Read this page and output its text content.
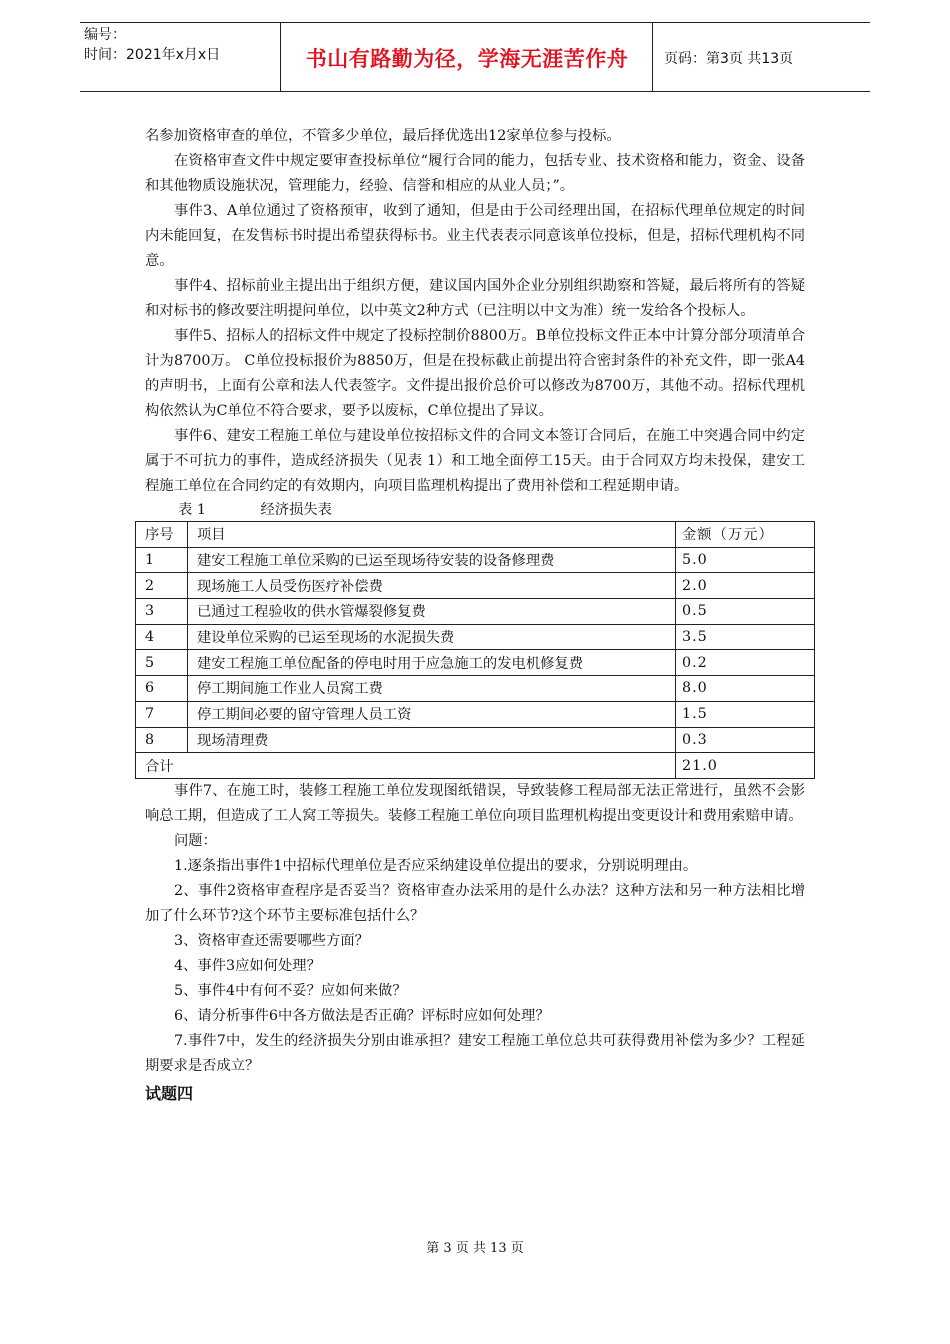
编号：
时间：2021年x月x日	书山有路勤为径，学海无涯苦作舟	页码：第3页 共13页

名参加资格审查的单位，不管多少单位，最后择优选出12家单位参与投标。

在资格审查文件中规定要审查投标单位“履行合同的能力，包括专业、技术资格和能力，资金、设备和其他物质设施状况，管理能力，经验、信誉和相应的从业人员；”。

事件3、A单位通过了资格预审，收到了通知，但是由于公司经理出国，在招标代理单位规定的时间内未能回复，在发售标书时提出希望获得标书。业主代表表示同意该单位投标，但是，招标代理机构不同意。

事件4、招标前业主提出出于组织方便，建议国内国外企业分别组织勘察和答疑，最后将所有的答疑和对标书的修改要注明提问单位，以中英文2种方式（已注明以中文为准）统一发给各个投标人。

事件5、招标人的招标文件中规定了投标控制价8800万。B单位投标文件正本中计算分部分项清单合计为8700万。 C单位投标报价为8850万，但是在投标截止前提出符合密封条件的补充文件，即一张A4的声明书，上面有公章和法人代表签字。文件提出报价总价可以修改为8700万，其他不动。招标代理机构依然认为C单位不符合要求，要予以废标，C单位提出了异议。

事件6、建安工程施工单位与建设单位按招标文件的合同文本签订合同后，在施工中突遇合同中约定属于不可抗力的事件，造成经济损失（见表 1）和工地全面停工15天。由于合同双方均未投保，建安工程施工单位在合同约定的有效期内，向项目监理机构提出了费用补偿和工程延期申请。

表 1	经济损失表
序号	项目	金额（万元）
1	建安工程施工单位采购的已运至现场待安装的设备修理费	5.0
2	现场施工人员受伤医疗补偿费	2.0
3	已通过工程验收的供水管爆裂修复费	0.5
4	建设单位采购的已运至现场的水泥损失费	3.5
5	建安工程施工单位配备的停电时用于应急施工的发电机修复费	0.2
6	停工期间施工作业人员窝工费	8.0
7	停工期间必要的留守管理人员工资	1.5
8	现场清理费	0.3
合计		21.0

事件7、在施工时，装修工程施工单位发现图纸错误，导致装修工程局部无法正常进行，虽然不会影响总工期，但造成了工人窝工等损失。装修工程施工单位向项目监理机构提出变更设计和费用索赔申请。

问题：

1.逐条指出事件1中招标代理单位是否应采纳建设单位提出的要求，分别说明理由。

2、事件2资格审查程序是否妥当？资格审查办法采用的是什么办法？这种方法和另一种方法相比增加了什么环节?这个环节主要标准包括什么？

3、资格审查还需要哪些方面？

4、事件3应如何处理？

5、事件4中有何不妥？应如何来做？

6、请分析事件6中各方做法是否正确？评标时应如何处理？

7.事件7中，发生的经济损失分别由谁承担？建安工程施工单位总共可获得费用补偿为多少？工程延期要求是否成立？

试题四
第 3 页 共 13 页
